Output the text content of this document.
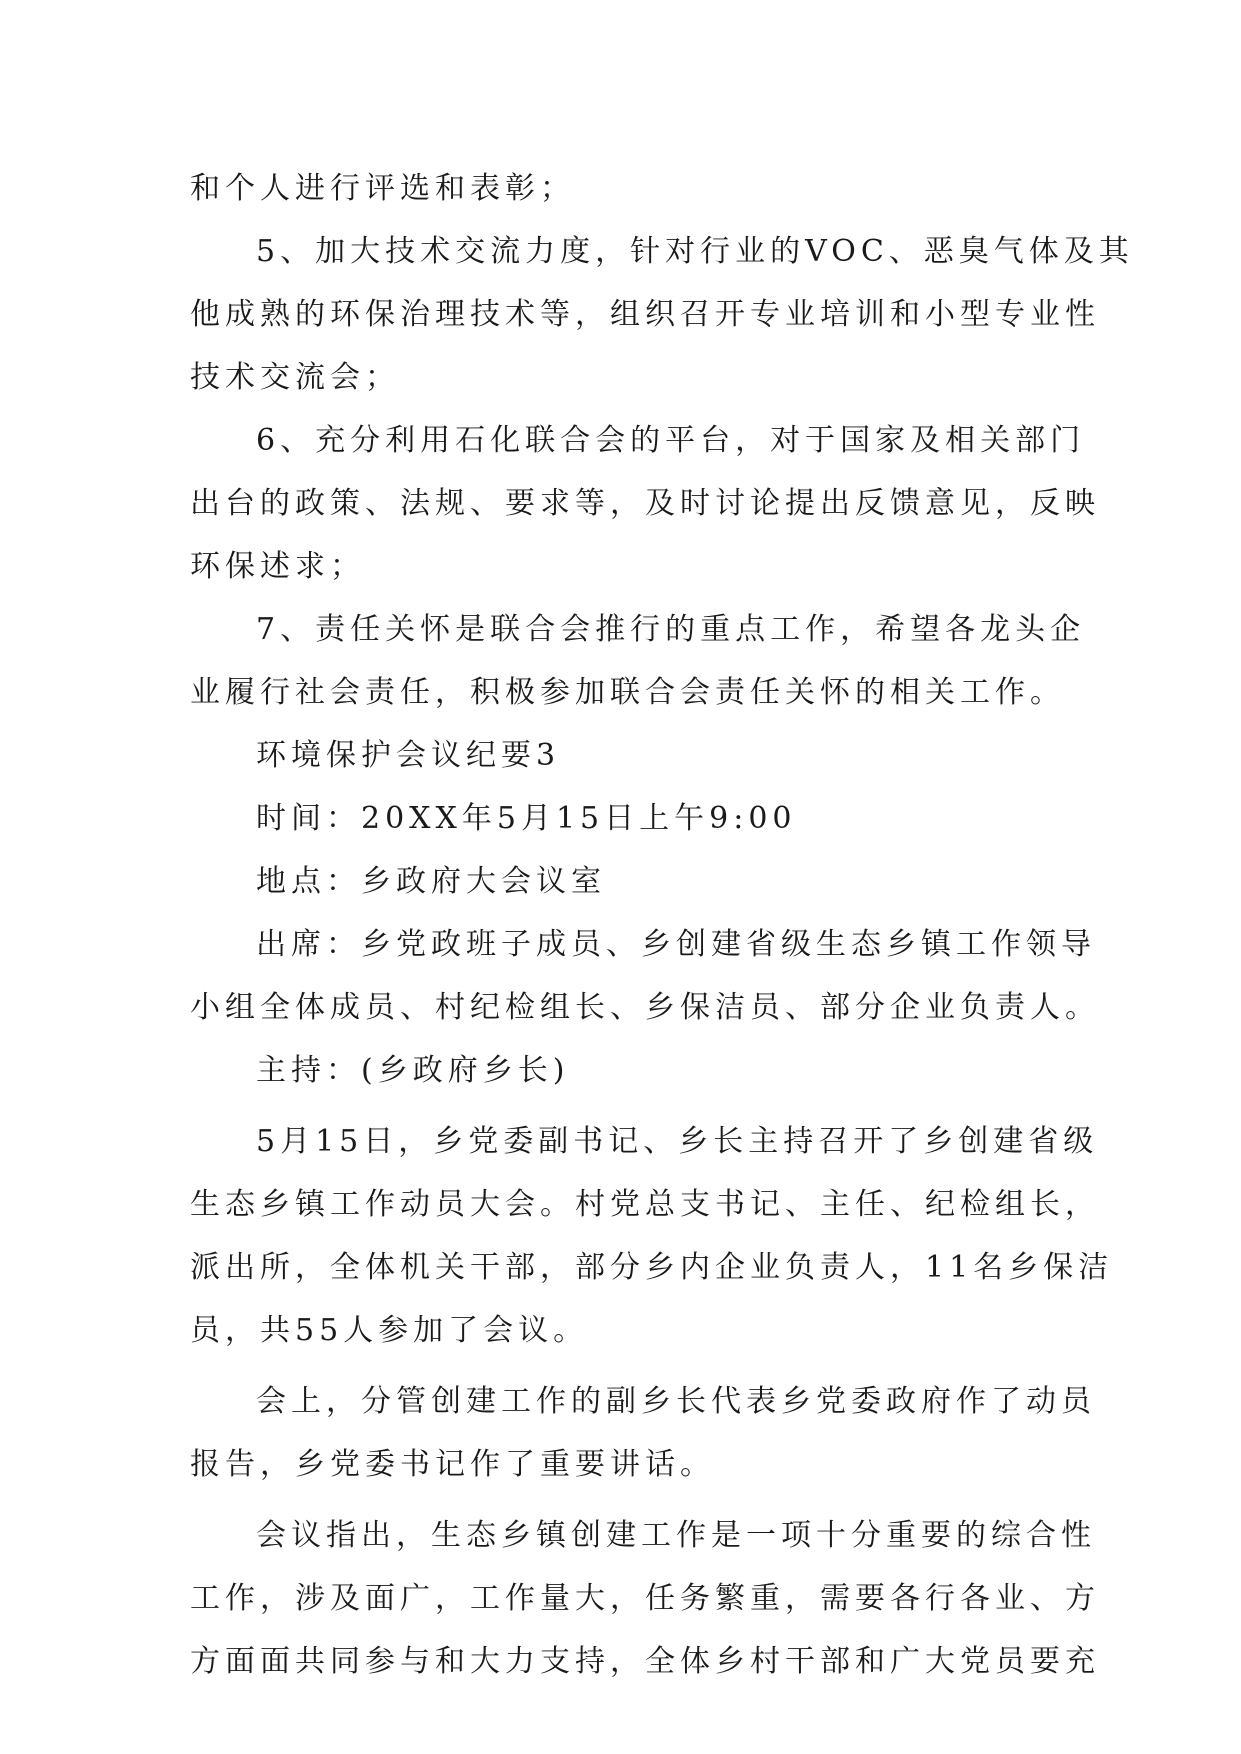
和个人进行评选和表彰；
5、加大技术交流力度，针对行业的VOC、恶臭气体及其
他成熟的环保治理技术等，组织召开专业培训和小型专业性
技术交流会；
6、充分利用石化联合会的平台，对于国家及相关部门
出台的政策、法规、要求等，及时讨论提出反馈意见，反映
环保述求；
7、责任关怀是联合会推行的重点工作，希望各龙头企
业履行社会责任，积极参加联合会责任关怀的相关工作。
环境保护会议纪要3
时间：20XX年5月15日上午9:00
地点：乡政府大会议室
出席：乡党政班子成员、乡创建省级生态乡镇工作领导
小组全体成员、村纪检组长、乡保洁员、部分企业负责人。
主持：(乡政府乡长)
5月15日，乡党委副书记、乡长主持召开了乡创建省级
生态乡镇工作动员大会。村党总支书记、主任、纪检组长，
派出所，全体机关干部，部分乡内企业负责人，11名乡保洁
员，共55人参加了会议。
会上，分管创建工作的副乡长代表乡党委政府作了动员
报告，乡党委书记作了重要讲话。
会议指出，生态乡镇创建工作是一项十分重要的综合性
工作，涉及面广，工作量大，任务繁重，需要各行各业、方
方面面共同参与和大力支持，全体乡村干部和广大党员要充
